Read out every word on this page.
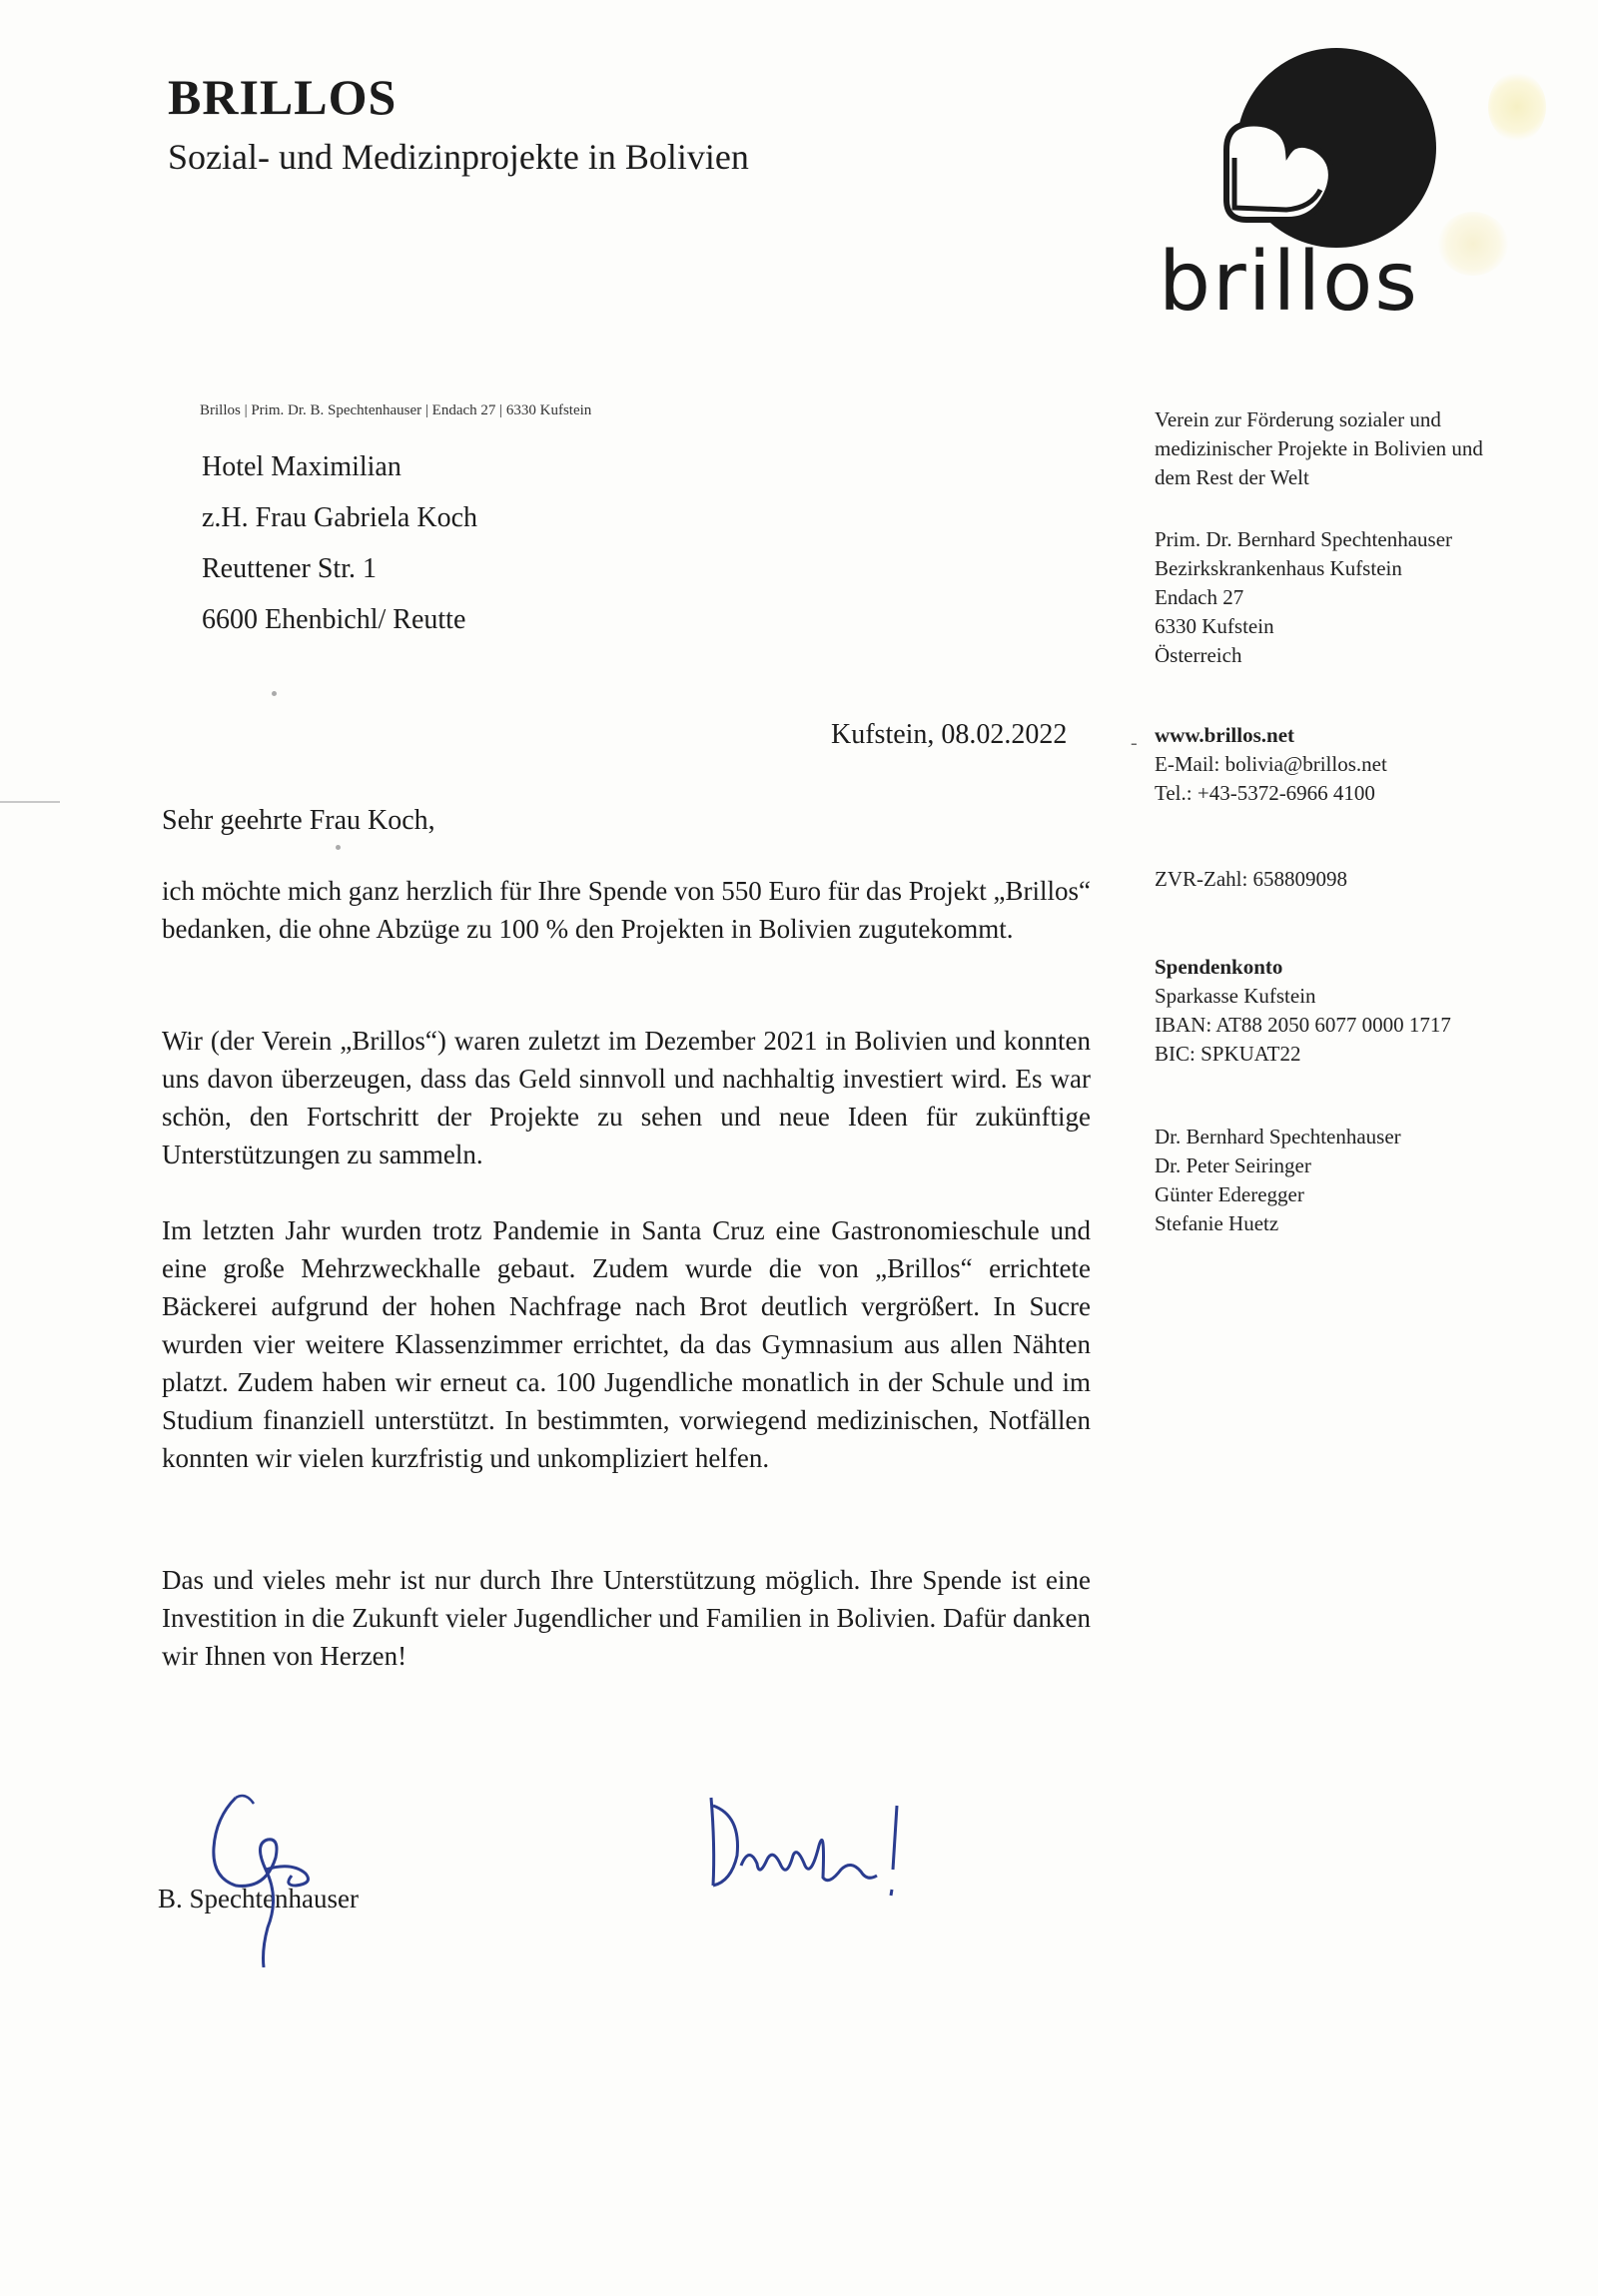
BRILLOS
Sozial- und Medizinprojekte in Bolivien
brillos
Brillos | Prim. Dr. B. Spechtenhauser | Endach 27 | 6330 Kufstein
Hotel Maximilian
z.H. Frau Gabriela Koch
Reuttener Str. 1
6600 Ehenbichl/ Reutte
Verein zur Förderung sozialer und
medizinischer Projekte in Bolivien und
dem Rest der Welt
Prim. Dr. Bernhard Spechtenhauser
Bezirkskrankenhaus Kufstein
Endach 27
6330 Kufstein
Österreich
- www.brillos.net
E-Mail: bolivia@brillos.net
Tel.: +43-5372-6966 4100
ZVR-Zahl: 658809098
Spendenkonto
Sparkasse Kufstein
IBAN: AT88 2050 6077 0000 1717
BIC: SPKUAT22
Dr. Bernhard Spechtenhauser
Dr. Peter Seiringer
Günter Ederegger
Stefanie Huetz
Kufstein, 08.02.2022
Sehr geehrte Frau Koch,
ich möchte mich ganz herzlich für Ihre Spende von 550 Euro für das Projekt „Brillos“ bedanken, die ohne Abzüge zu 100 % den Projekten in Bolivien zugutekommt.
Wir (der Verein „Brillos“) waren zuletzt im Dezember 2021 in Bolivien und konnten uns davon überzeugen, dass das Geld sinnvoll und nachhaltig investiert wird. Es war schön, den Fortschritt der Projekte zu sehen und neue Ideen für zukünftige Unterstützungen zu sammeln.
Im letzten Jahr wurden trotz Pandemie in Santa Cruz eine Gastronomieschule und eine große Mehrzweckhalle gebaut. Zudem wurde die von „Brillos“ errichtete Bäckerei aufgrund der hohen Nachfrage nach Brot deutlich vergrößert. In Sucre wurden vier weitere Klassenzimmer errichtet, da das Gymnasium aus allen Nähten platzt. Zudem haben wir erneut ca. 100 Jugendliche monatlich in der Schule und im Studium finanziell unterstützt. In bestimmten, vorwiegend medizinischen, Notfällen konnten wir vielen kurzfristig und unkompliziert helfen.
Das und vieles mehr ist nur durch Ihre Unterstützung möglich. Ihre Spende ist eine Investition in die Zukunft vieler Jugendlicher und Familien in Bolivien. Dafür danken wir Ihnen von Herzen!
B. Spechtenhauser
